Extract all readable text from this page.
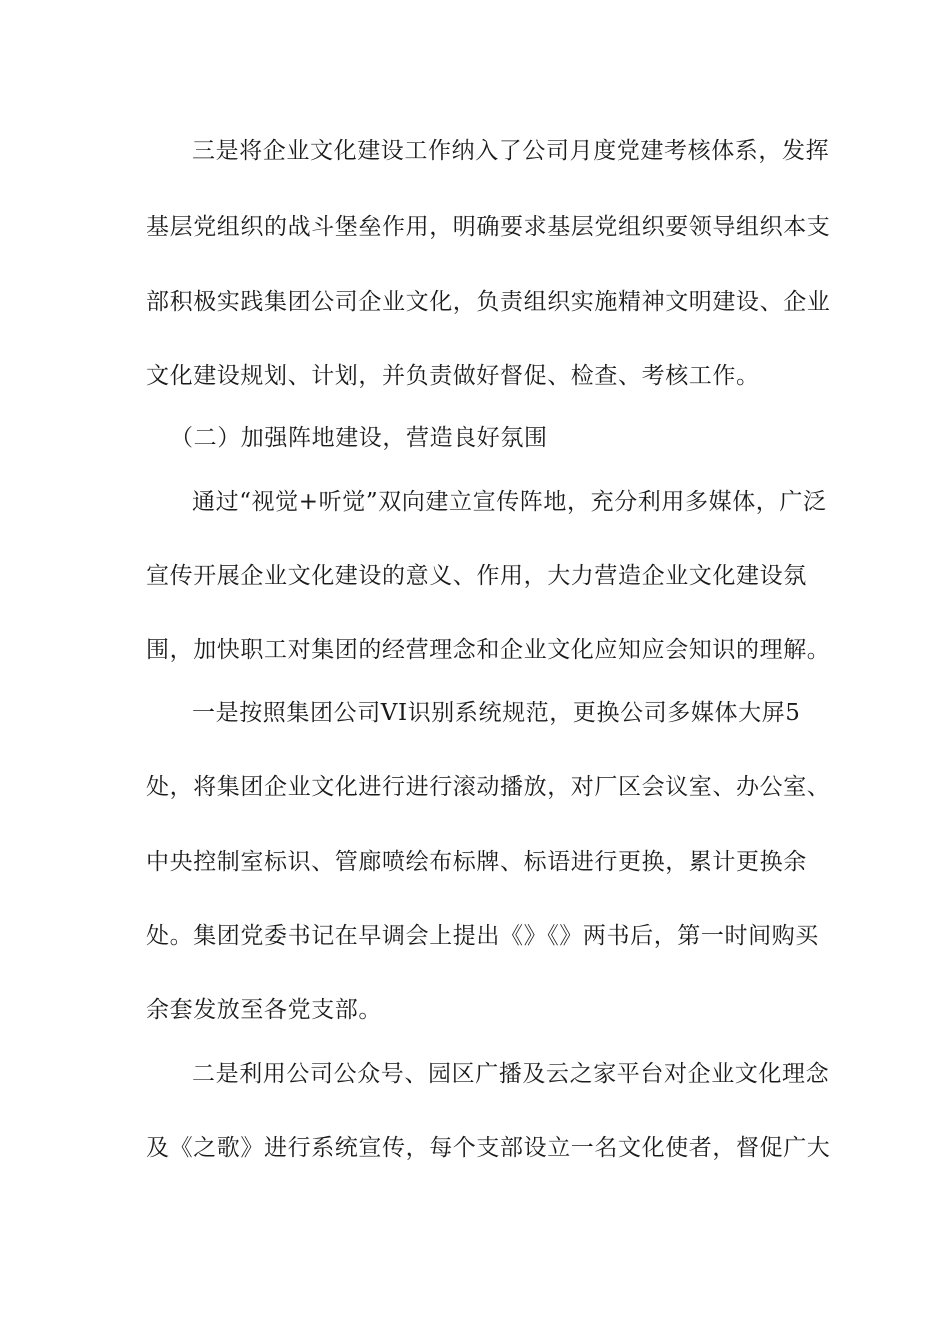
三是将企业文化建设工作纳入了公司月度党建考核体系，发挥
基层党组织的战斗堡垒作用，明确要求基层党组织要领导组织本支
部积极实践集团公司企业文化，负责组织实施精神文明建设、企业
文化建设规划、计划，并负责做好督促、检查、考核工作。
（二）加强阵地建设，营造良好氛围
通过“视觉+听觉”双向建立宣传阵地，充分利用多媒体，广泛
宣传开展企业文化建设的意义、作用，大力营造企业文化建设氛
围，加快职工对集团的经营理念和企业文化应知应会知识的理解。
一是按照集团公司VI识别系统规范，更换公司多媒体大屏5
处，将集团企业文化进行进行滚动播放，对厂区会议室、办公室、
中央控制室标识、管廊喷绘布标牌、标语进行更换，累计更换余
处。集团党委书记在早调会上提出《》《》两书后，第一时间购买
余套发放至各党支部。
二是利用公司公众号、园区广播及云之家平台对企业文化理念
及《之歌》进行系统宣传，每个支部设立一名文化使者，督促广大
